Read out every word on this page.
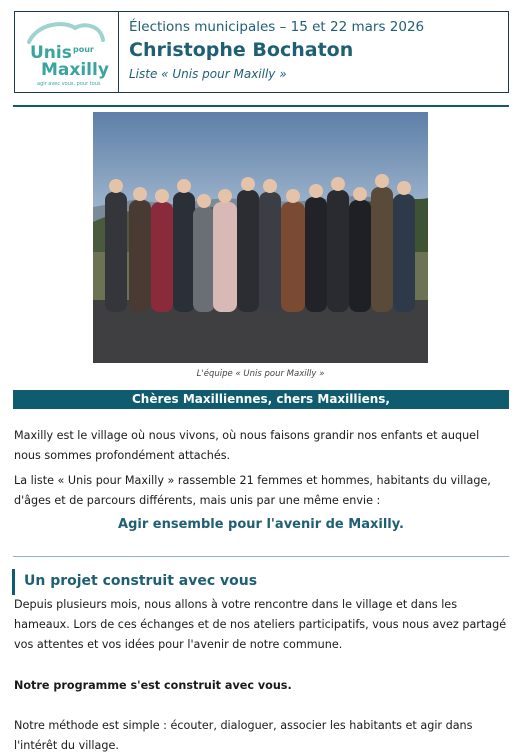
Unis pour
Maxilly
agir avec vous, pour tous
Élections municipales – 15 et 22 mars 2026
Christophe Bochaton
Liste « Unis pour Maxilly »
L'équipe « Unis pour Maxilly »
Chères Maxilliennes, chers Maxilliens,
Maxilly est le village où nous vivons, où nous faisons grandir nos enfants et auquel nous sommes profondément attachés.
La liste « Unis pour Maxilly » rassemble 21 femmes et hommes, habitants du village, d'âges et de parcours différents, mais unis par une même envie :
Agir ensemble pour l'avenir de Maxilly.
Un projet construit avec vous
Depuis plusieurs mois, nous allons à votre rencontre dans le village et dans les hameaux. Lors de ces échanges et de nos ateliers participatifs, vous nous avez partagé vos attentes et vos idées pour l'avenir de notre commune.
Notre programme s'est construit avec vous.
Notre méthode est simple : écouter, dialoguer, associer les habitants et agir dans l'intérêt du village.
